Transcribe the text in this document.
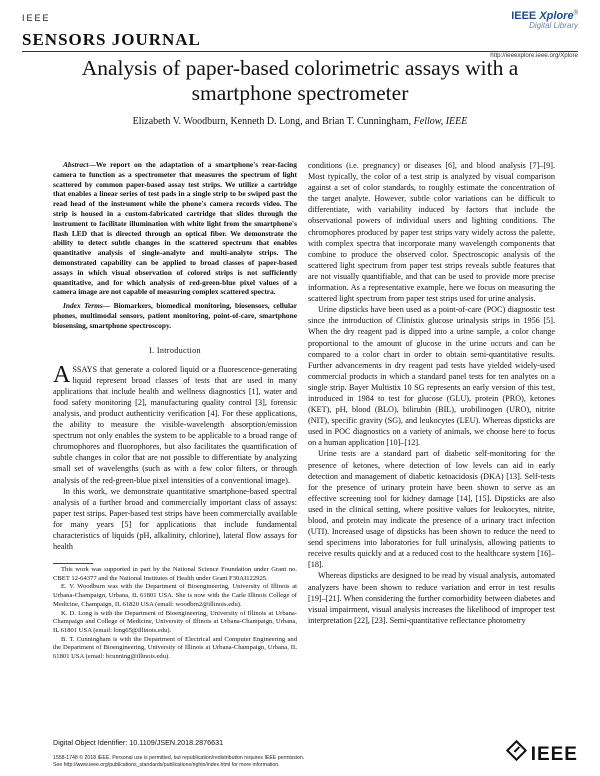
IEEE
SENSORS JOURNAL
IEEE Xplore®
Digital Library
http://ieeexplore.ieee.org/Xplore
Analysis of paper-based colorimetric assays with a smartphone spectrometer
Elizabeth V. Woodburn, Kenneth D. Long, and Brian T. Cunningham, Fellow, IEEE

Abstract—We report on the adaptation of a smartphone's rear-facing camera to function as a spectrometer that measures the spectrum of light scattered by common paper-based assay test strips. We utilize a cartridge that enables a linear series of test pads in a single strip to be swiped past the read head of the instrument while the phone's camera records video. The strip is housed in a custom-fabricated cartridge that slides through the instrument to facilitate illumination with white light from the smartphone's flash LED that is directed through an optical fiber. We demonstrate the ability to detect subtle changes in the scattered spectrum that enables quantitative analysis of single-analyte and multi-analyte strips. The demonstrated capability can be applied to broad classes of paper-based assays in which visual observation of colored strips is not sufficiently quantitative, and for which analysis of red-green-blue pixel values of a camera image are not capable of measuring complex scattered spectra.

Index Terms— Biomarkers, biomedical monitoring, biosensors, cellular phones, multimodal sensors, patient monitoring, point-of-care, smartphone biosensing, smartphone spectroscopy.

I. Introduction

ASSAYS that generate a colored liquid or a fluorescence-generating liquid represent broad classes of tests that are used in many applications that include health and wellness diagnostics [1], water and food safety monitoring [2], manufacturing quality control [3], forensic analysis, and product authenticity verification [4]. For these applications, the ability to measure the visible-wavelength absorption/emission spectrum not only enables the system to be applicable to a broad range of chromophores and fluorophores, but also facilitates the quantification of subtle changes in color that are not possible to differentiate by analyzing small set of wavelengths (such as with a few color filters, or through analysis of the red-green-blue pixel intensities of a conventional image).

In this work, we demonstrate quantitative smartphone-based spectral analysis of a further broad and commercially important class of assays: paper test strips. Paper-based test strips have been commercially available for many years [5] for applications that include fundamental characteristics of liquids (pH, alkalinity, chlorine), lateral flow assays for health

This work was supported in part by the National Science Foundation under Grant no. CBET 12-64377 and the National Institutes of Health under Grant F30AI122925.

E. V. Woodburn was with the Department of Bioengineering, University of Illinois at Urbana-Champaign, Urbana, IL 61801 USA. She is now with the Carle Illinois College of Medicine, Champaign, IL 61820 USA (email: woodbrn2@illinois.edu).

K. D. Long is with the Department of Bioengineering, University of Illinois at Urbana-Champaign and College of Medicine, University of Illinois at Urbana-Champaign, Urbana, IL 61801 USA (email: long65@illinois.edu).

B. T. Cunningham is with the Department of Electrical and Computer Engineering and the Department of Bioengineering, University of Illinois at Urbana-Champaign, Urbana, IL 61801 USA (email: bcunning@illinois.edu).

Digital Object Identifier: 10.1109/JSEN.2018.2876631

conditions (i.e. pregnancy) or diseases [6], and blood analysis [7]–[9]. Most typically, the color of a test strip is analyzed by visual comparison against a set of color standards, to roughly estimate the concentration of the target analyte. However, subtle color variations can be difficult to differentiate, with variability induced by factors that include the observational powers of individual users and lighting conditions. The chromophores produced by paper test strips vary widely across the palette, with complex spectra that incorporate many wavelength components that combine to produce the observed color. Spectroscopic analysis of the scattered light spectrum from paper test strips reveals subtle features that are not visually quantifiable, and that can be used to provide more precise information. As a representative example, here we focus on measuring the scattered light spectrum from paper test strips used for urine analysis.

Urine dipsticks have been used as a point-of-care (POC) diagnostic test since the introduction of Clinistix glucose urinalysis strips in 1956 [5]. When the dry reagent pad is dipped into a urine sample, a color change proportional to the amount of glucose in the urine occurs and can be compared to a color chart in order to obtain semi-quantitative results. Further advancements in dry reagent pad tests have yielded widely-used commercial products in which a standard panel tests for ten analytes on a single strip. Bayer Multistix 10 SG represents an early version of this test, introduced in 1984 to test for glucose (GLU), protein (PRO), ketones (KET), pH, blood (BLO), bilirubin (BIL), urobilinogen (URO), nitrite (NIT), specific gravity (SG), and leukocytes (LEU). Whereas dipsticks are used in POC diagnostics on a variety of animals, we choose here to focus on a human application [10]–[12].

Urine tests are a standard part of diabetic self-monitoring for the presence of ketones, where detection of low levels can aid in early detection and management of diabetic ketoacidosis (DKA) [13]. Self-tests for the presence of urinary protein have been shown to serve as an effective screening tool for kidney damage [14], [15]. Dipsticks are also used in the clinical setting, where positive values for leukocytes, nitrite, blood, and protein may indicate the presence of a urinary tract infection (UTI). Increased usage of dipsticks has been shown to reduce the need to send specimens into laboratories for full urinalysis, allowing patients to receive results quickly and at a reduced cost to the healthcare system [16]–[18].

Whereas dipsticks are designed to be read by visual analysis, automated analyzers have been shown to reduce variation and error in test results [19]–[21]. When considering the further comorbidity between diabetes and visual impairment, visual analysis increases the likelihood of improper test interpretation [22], [23]. Semi-quantitative reflectance photometry

1558-1748 © 2018 IEEE. Personal use is permitted, but republication/redistribution requires IEEE permission.
See http://www.ieee.org/publications_standards/publications/rights/index.html for more information.	IEEE
